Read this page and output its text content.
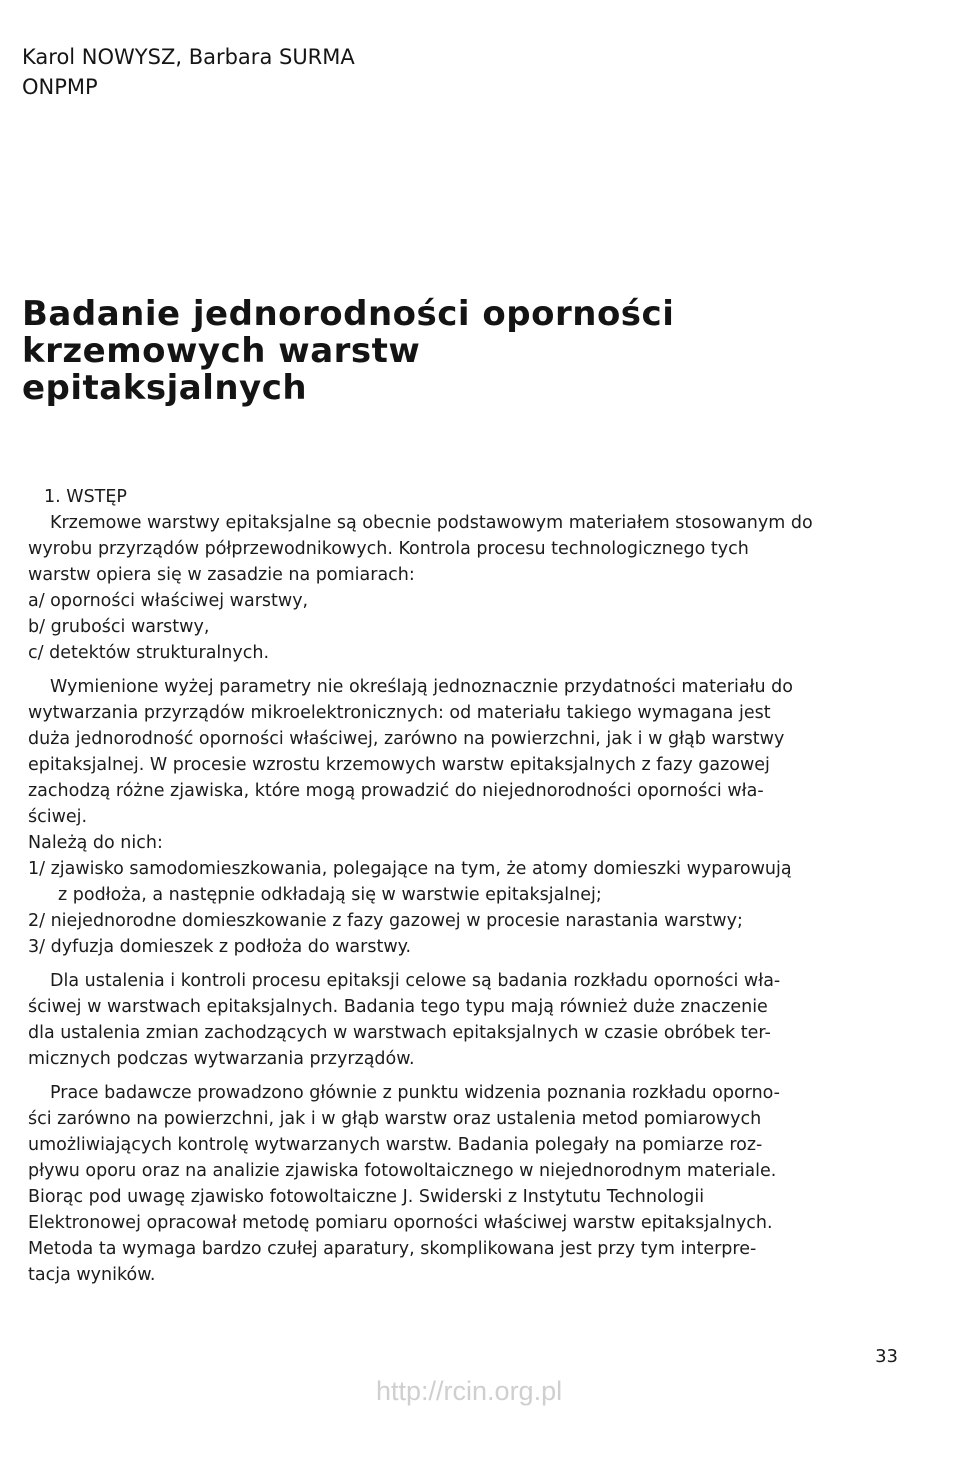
Karol NOWYSZ, Barbara SURMA
ONPMP
Badanie jednorodności oporności
krzemowych warstw
epitaksjalnych
1. WSTĘP
Krzemowe warstwy epitaksjalne są obecnie podstawowym materiałem stosowanym do
wyrobu przyrządów półprzewodnikowych. Kontrola procesu technologicznego tych
warstw opiera się w zasadzie na pomiarach:
a/ oporności właściwej warstwy,
b/ grubości warstwy,
c/ detektów strukturalnych.
Wymienione wyżej parametry nie określają jednoznacznie przydatności materiału do
wytwarzania przyrządów mikroelektronicznych: od materiału takiego wymagana jest
duża jednorodność oporności właściwej, zarówno na powierzchni, jak i w głąb warstwy
epitaksjalnej. W procesie wzrostu krzemowych warstw epitaksjalnych z fazy gazowej
zachodzą różne zjawiska, które mogą prowadzić do niejednorodności oporności wła-
ściwej.
Należą do nich:
1/ zjawisko samodomieszkowania, polegające na tym, że atomy domieszki wyparowują
z podłoża, a następnie odkładają się w warstwie epitaksjalnej;
2/ niejednorodne domieszkowanie z fazy gazowej w procesie narastania warstwy;
3/ dyfuzja domieszek z podłoża do warstwy.
Dla ustalenia i kontroli procesu epitaksji celowe są badania rozkładu oporności wła-
ściwej w warstwach epitaksjalnych. Badania tego typu mają również duże znaczenie
dla ustalenia zmian zachodzących w warstwach epitaksjalnych w czasie obróbek ter-
micznych podczas wytwarzania przyrządów.
Prace badawcze prowadzono głównie z punktu widzenia poznania rozkładu oporno-
ści zarówno na powierzchni, jak i w głąb warstw oraz ustalenia metod pomiarowych
umożliwiających kontrolę wytwarzanych warstw. Badania polegały na pomiarze roz-
pływu oporu oraz na analizie zjawiska fotowoltaicznego w niejednorodnym materiale.
Biorąc pod uwagę zjawisko fotowoltaiczne J. Swiderski z Instytutu Technologii
Elektronowej opracował metodę pomiaru oporności właściwej warstw epitaksjalnych.
Metoda ta wymaga bardzo czułej aparatury, skomplikowana jest przy tym interpre-
tacja wyników.
33
http://rcin.org.pl
